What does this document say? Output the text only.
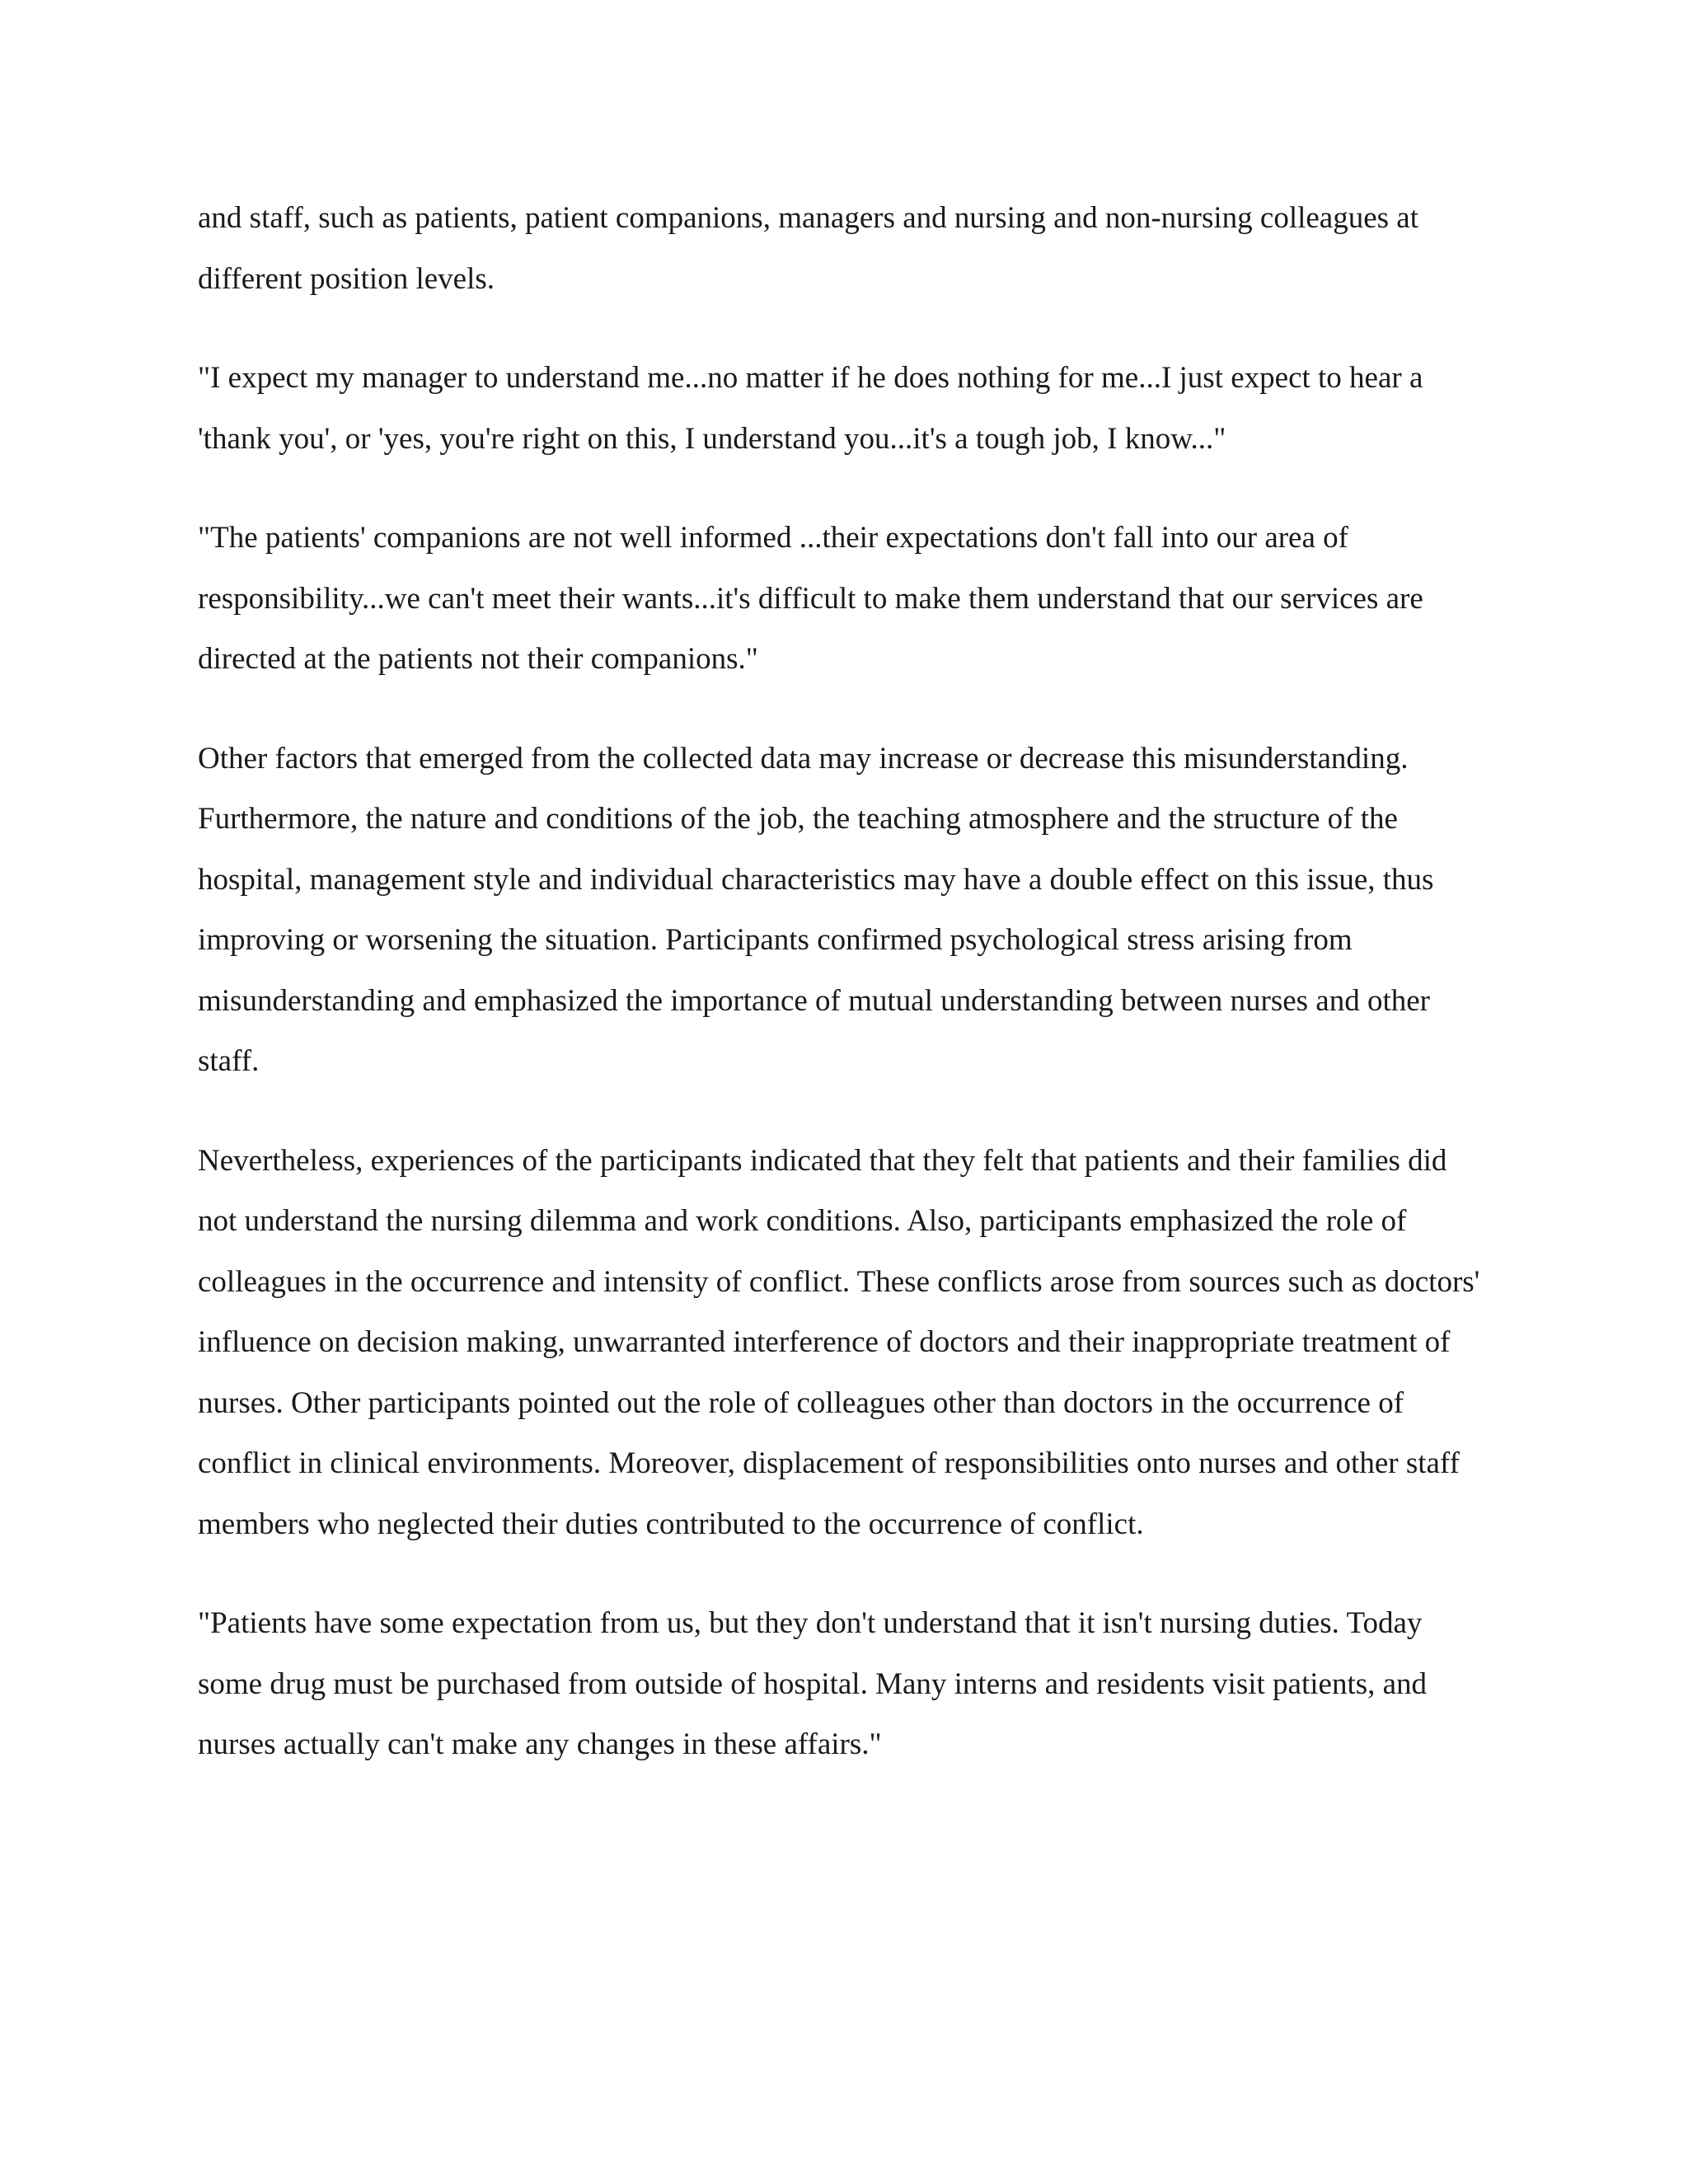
and staff, such as patients, patient companions, managers and nursing and non-nursing colleagues at different position levels.

"I expect my manager to understand me...no matter if he does nothing for me...I just expect to hear a 'thank you', or 'yes, you're right on this, I understand you...it's a tough job, I know..."

"The patients' companions are not well informed ...their expectations don't fall into our area of responsibility...we can't meet their wants...it's difficult to make them understand that our services are directed at the patients not their companions."

Other factors that emerged from the collected data may increase or decrease this misunderstanding. Furthermore, the nature and conditions of the job, the teaching atmosphere and the structure of the hospital, management style and individual characteristics may have a double effect on this issue, thus improving or worsening the situation. Participants confirmed psychological stress arising from misunderstanding and emphasized the importance of mutual understanding between nurses and other staff.

Nevertheless, experiences of the participants indicated that they felt that patients and their families did not understand the nursing dilemma and work conditions. Also, participants emphasized the role of colleagues in the occurrence and intensity of conflict. These conflicts arose from sources such as doctors' influence on decision making, unwarranted interference of doctors and their inappropriate treatment of nurses. Other participants pointed out the role of colleagues other than doctors in the occurrence of conflict in clinical environments. Moreover, displacement of responsibilities onto nurses and other staff members who neglected their duties contributed to the occurrence of conflict.

"Patients have some expectation from us, but they don't understand that it isn't nursing duties. Today some drug must be purchased from outside of hospital. Many interns and residents visit patients, and nurses actually can't make any changes in these affairs."
